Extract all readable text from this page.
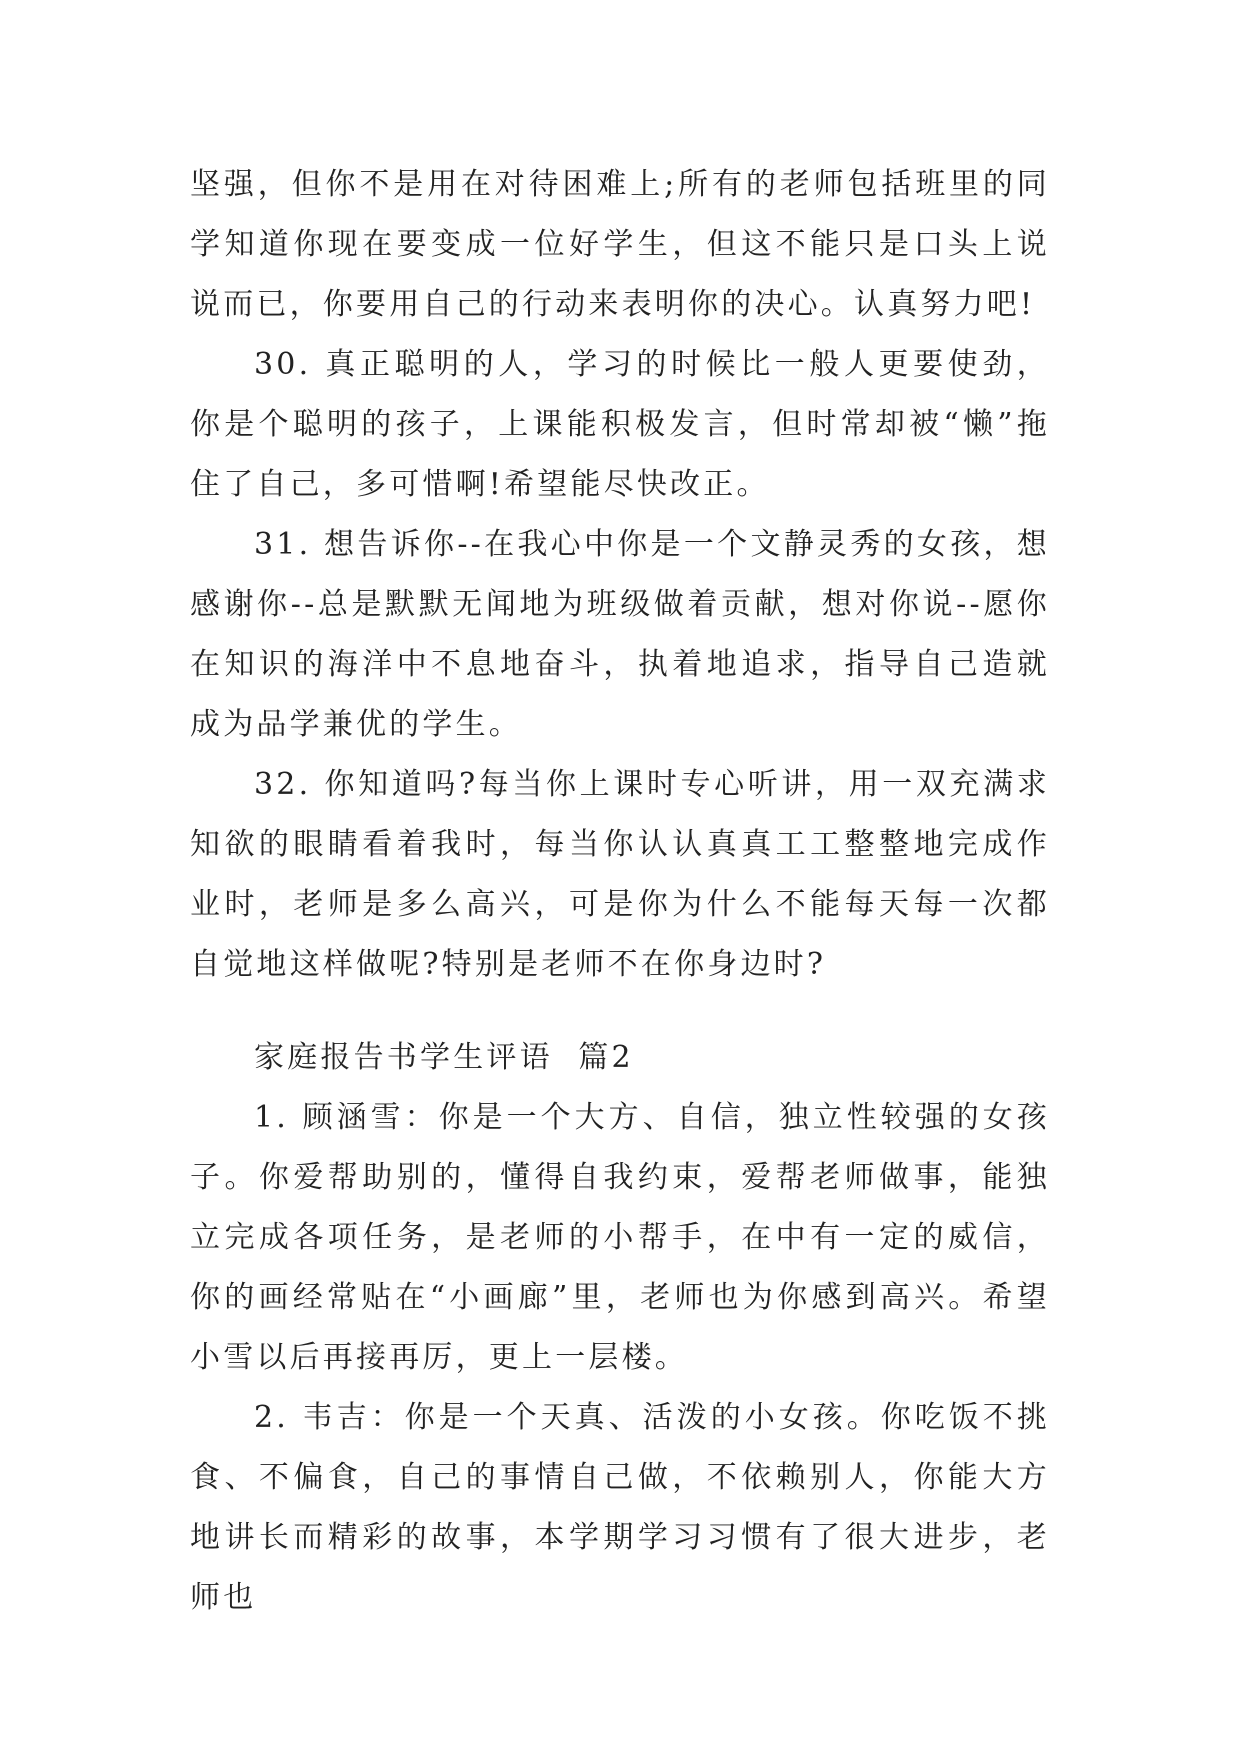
坚强，但你不是用在对待困难上;所有的老师包括班里的同学知道你现在要变成一位好学生，但这不能只是口头上说说而已，你要用自己的行动来表明你的决心。认真努力吧!

30. 真正聪明的人，学习的时候比一般人更要使劲，你是个聪明的孩子，上课能积极发言，但时常却被“懒”拖住了自己，多可惜啊!希望能尽快改正。

31. 想告诉你--在我心中你是一个文静灵秀的女孩，想感谢你--总是默默无闻地为班级做着贡献，想对你说--愿你在知识的海洋中不息地奋斗，执着地追求，指导自己造就成为品学兼优的学生。

32. 你知道吗?每当你上课时专心听讲，用一双充满求知欲的眼睛看着我时，每当你认认真真工工整整地完成作业时，老师是多么高兴，可是你为什么不能每天每一次都自觉地这样做呢?特别是老师不在你身边时?

家庭报告书学生评语  篇2

1. 顾涵雪：你是一个大方、自信，独立性较强的女孩子。你爱帮助别的，懂得自我约束，爱帮老师做事，能独立完成各项任务，是老师的小帮手，在中有一定的威信，你的画经常贴在“小画廊”里，老师也为你感到高兴。希望小雪以后再接再厉，更上一层楼。

2. 韦吉：你是一个天真、活泼的小女孩。你吃饭不挑食、不偏食，自己的事情自己做，不依赖别人，你能大方地讲长而精彩的故事，本学期学习习惯有了很大进步，老师也
